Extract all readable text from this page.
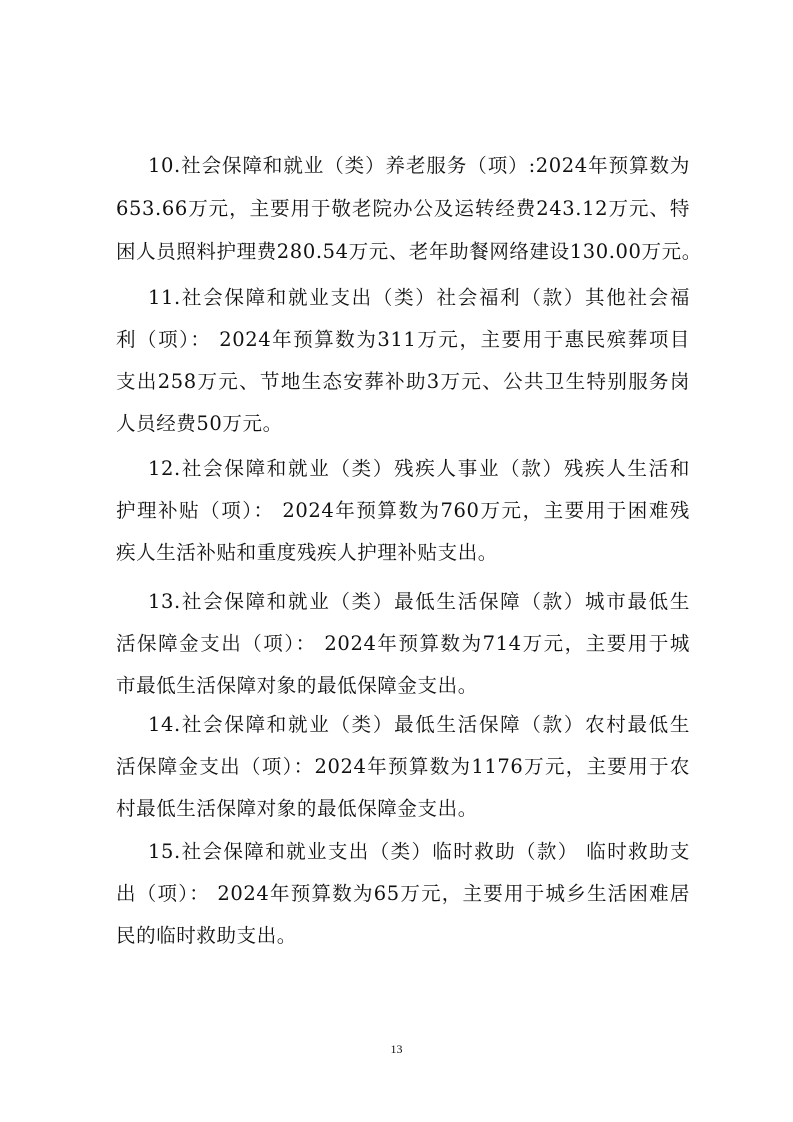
10.社会保障和就业（类）养老服务（项）:2024年预算数为
653.66万元，主要用于敬老院办公及运转经费243.12万元、特
困人员照料护理费280.54万元、老年助餐网络建设130.00万元。
11.社会保障和就业支出（类）社会福利（款）其他社会福
利（项）： 2024年预算数为311万元，主要用于惠民殡葬项目
支出258万元、节地生态安葬补助3万元、公共卫生特别服务岗
人员经费50万元。
12.社会保障和就业（类）残疾人事业（款）残疾人生活和
护理补贴（项）： 2024年预算数为760万元，主要用于困难残
疾人生活补贴和重度残疾人护理补贴支出。
13.社会保障和就业（类）最低生活保障（款）城市最低生
活保障金支出（项）： 2024年预算数为714万元，主要用于城
市最低生活保障对象的最低保障金支出。
14.社会保障和就业（类）最低生活保障（款）农村最低生
活保障金支出（项）：2024年预算数为1176万元，主要用于农
村最低生活保障对象的最低保障金支出。
15.社会保障和就业支出（类）临时救助（款） 临时救助支
出（项）： 2024年预算数为65万元，主要用于城乡生活困难居
民的临时救助支出。
13
